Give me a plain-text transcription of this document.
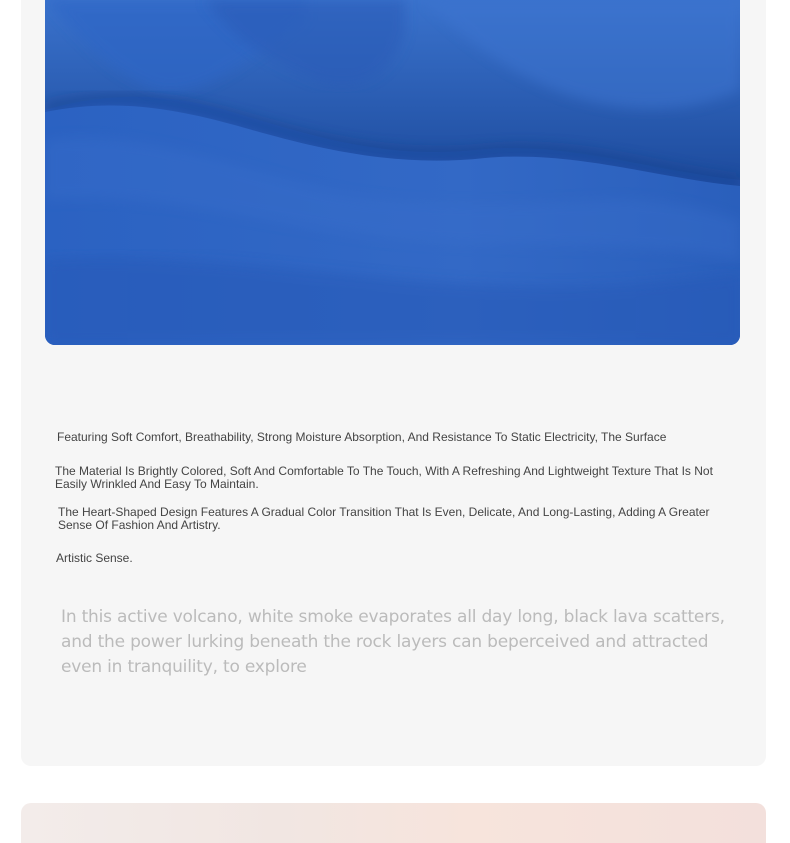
Featuring Soft Comfort, Breathability, Strong Moisture Absorption, And Resistance To Static Electricity, The Surface
The Material Is Brightly Colored, Soft And Comfortable To The Touch, With A Refreshing And Lightweight Texture That Is Not Easily Wrinkled And Easy To Maintain.
The Heart-Shaped Design Features A Gradual Color Transition That Is Even, Delicate, And Long-Lasting, Adding A Greater Sense Of Fashion And Artistry.
Artistic Sense.
In this active volcano, white smoke evaporates all day long, black lava scatters, and the power lurking beneath the rock layers can beperceived and attracted even in tranquility, to explore
